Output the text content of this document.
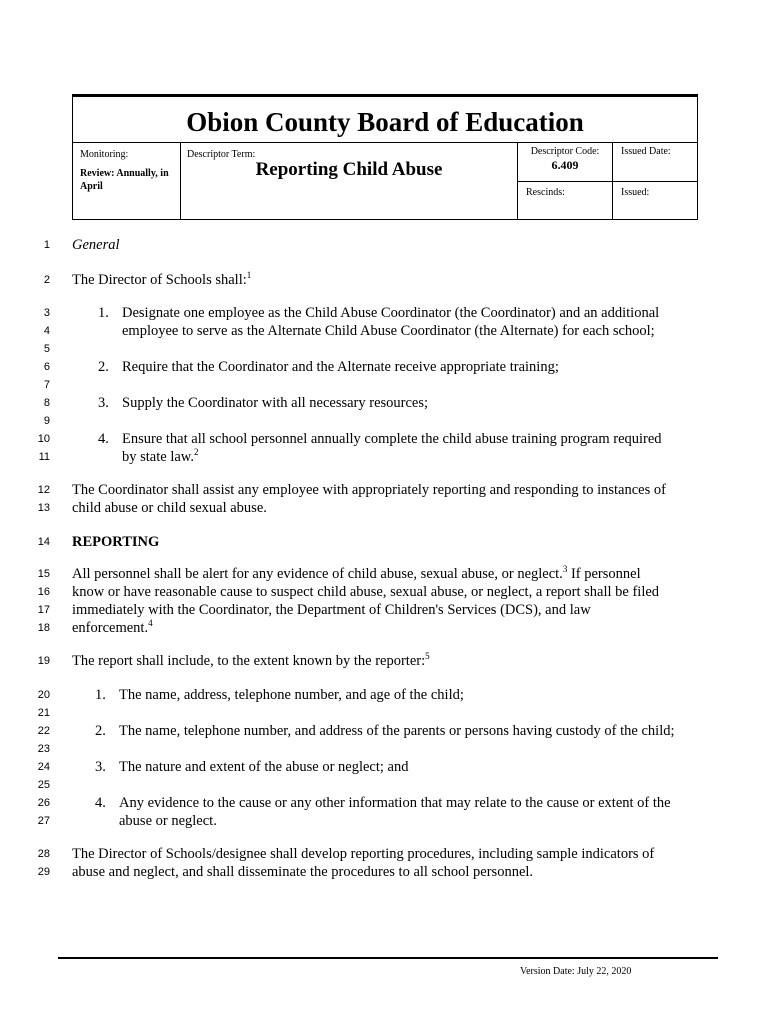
Obion County Board of Education
Monitoring:
Review: Annually, in April
Descriptor Term:
Reporting Child Abuse
Descriptor Code:
6.409
Rescinds:
Issued Date:
Issued:
1
2
3
4
5
6
7
8
9
10
11
12
13
14
15
16
17
18
19
20
21
22
23
24
25
26
27
28
29
General
The Director of Schools shall:$^1$
1. Designate one employee as the Child Abuse Coordinator (the Coordinator) and an additional
employee to serve as the Alternate Child Abuse Coordinator (the Alternate) for each school;
2. Require that the Coordinator and the Alternate receive appropriate training;
3. Supply the Coordinator with all necessary resources;
4. Ensure that all school personnel annually complete the child abuse training program required
by state law.$^2$
The Coordinator shall assist any employee with appropriately reporting and responding to instances of
child abuse or child sexual abuse.
REPORTING
All personnel shall be alert for any evidence of child abuse, sexual abuse, or neglect.$^3$ If personnel
know or have reasonable cause to suspect child abuse, sexual abuse, or neglect, a report shall be filed
immediately with the Coordinator, the Department of Children's Services (DCS), and law
enforcement.$^4$
The report shall include, to the extent known by the reporter:$^5$
1. The name, address, telephone number, and age of the child;
2. The name, telephone number, and address of the parents or persons having custody of the child;
3. The nature and extent of the abuse or neglect; and
4. Any evidence to the cause or any other information that may relate to the cause or extent of the
abuse or neglect.
The Director of Schools/designee shall develop reporting procedures, including sample indicators of
abuse and neglect, and shall disseminate the procedures to all school personnel.
Version Date: July 22, 2020
